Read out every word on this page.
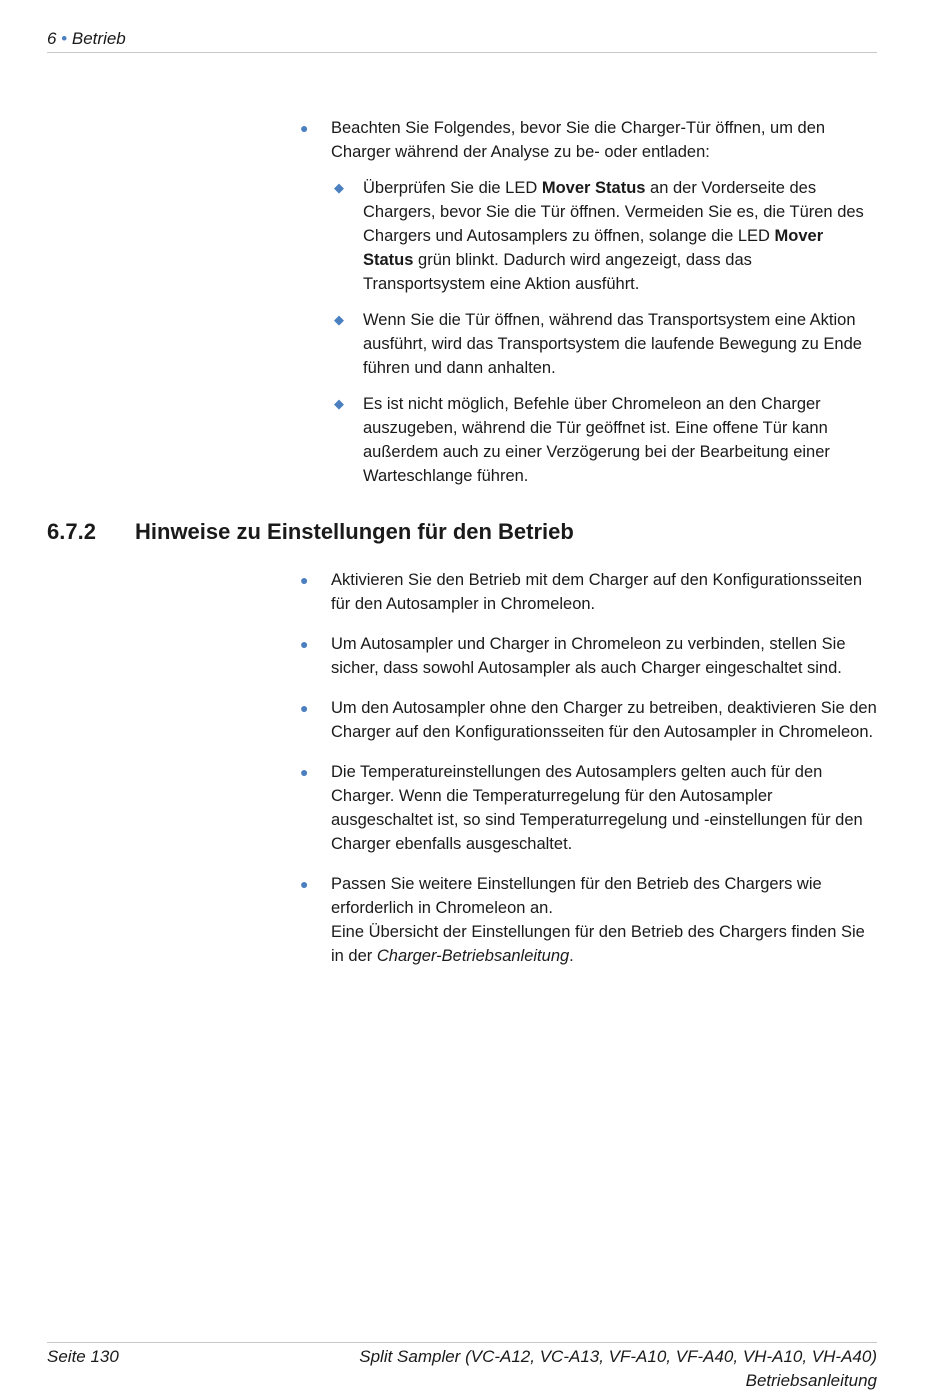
6 • Betrieb
● Beachten Sie Folgendes, bevor Sie die Charger-Tür öffnen, um den Charger während der Analyse zu be- oder entladen:
◆ Überprüfen Sie die LED Mover Status an der Vorderseite des Chargers, bevor Sie die Tür öffnen. Vermeiden Sie es, die Türen des Chargers und Autosamplers zu öffnen, solange die LED Mover Status grün blinkt. Dadurch wird angezeigt, dass das Transportsystem eine Aktion ausführt.
◆ Wenn Sie die Tür öffnen, während das Transportsystem eine Aktion ausführt, wird das Transportsystem die laufende Bewegung zu Ende führen und dann anhalten.
◆ Es ist nicht möglich, Befehle über Chromeleon an den Charger auszugeben, während die Tür geöffnet ist. Eine offene Tür kann außerdem auch zu einer Verzögerung bei der Bearbeitung einer Warteschlange führen.
6.7.2 Hinweise zu Einstellungen für den Betrieb
● Aktivieren Sie den Betrieb mit dem Charger auf den Konfigurationsseiten für den Autosampler in Chromeleon.
● Um Autosampler und Charger in Chromeleon zu verbinden, stellen Sie sicher, dass sowohl Autosampler als auch Charger eingeschaltet sind.
● Um den Autosampler ohne den Charger zu betreiben, deaktivieren Sie den Charger auf den Konfigurationsseiten für den Autosampler in Chromeleon.
● Die Temperatureinstellungen des Autosamplers gelten auch für den Charger. Wenn die Temperaturregelung für den Autosampler ausgeschaltet ist, so sind Temperaturregelung und -einstellungen für den Charger ebenfalls ausgeschaltet.
● Passen Sie weitere Einstellungen für den Betrieb des Chargers wie erforderlich in Chromeleon an.
Eine Übersicht der Einstellungen für den Betrieb des Chargers finden Sie in der Charger-Betriebsanleitung.
Seite 130	Split Sampler (VC-A12, VC-A13, VF-A10, VF-A40, VH-A10, VH-A40)
Betriebsanleitung
